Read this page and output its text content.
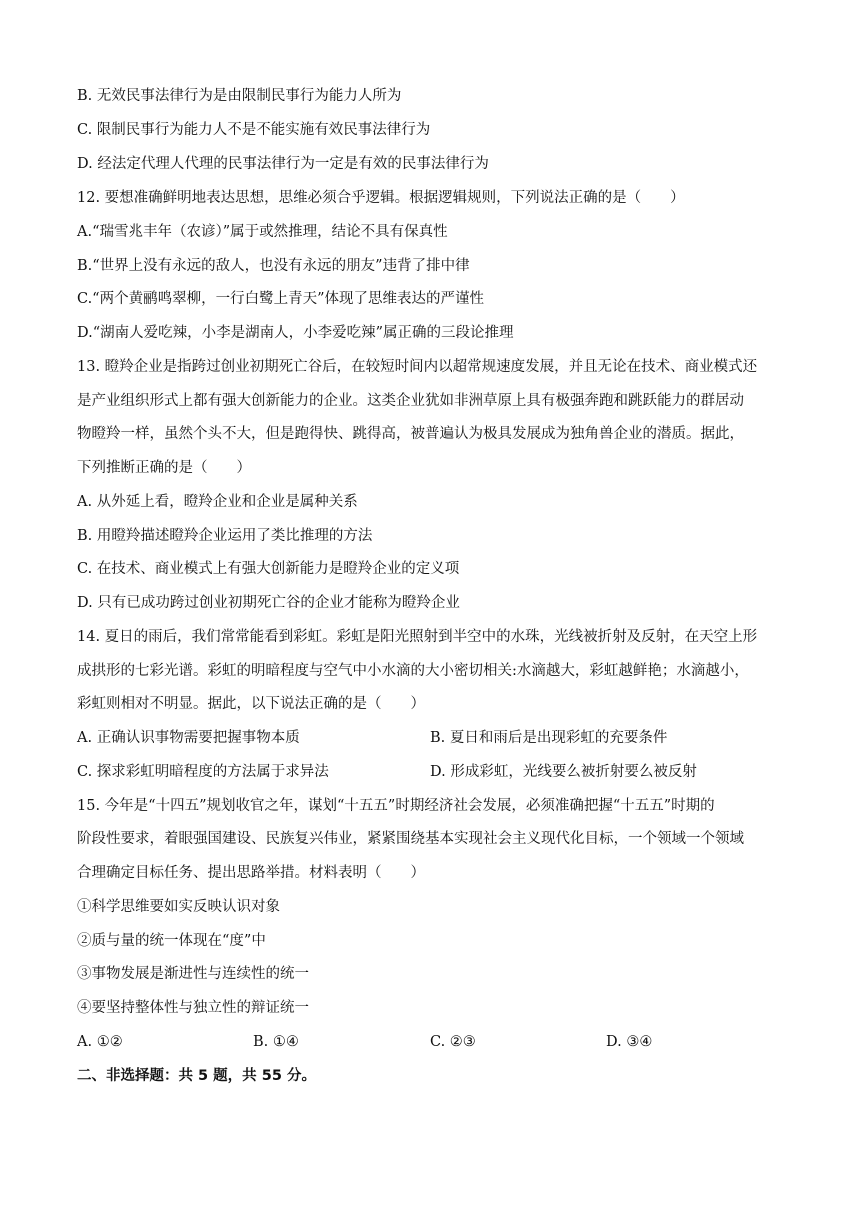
B. 无效民事法律行为是由限制民事行为能力人所为
C. 限制民事行为能力人不是不能实施有效民事法律行为
D. 经法定代理人代理的民事法律行为一定是有效的民事法律行为
12. 要想准确鲜明地表达思想，思维必须合乎逻辑。根据逻辑规则，下列说法正确的是（　　）
A.“瑞雪兆丰年（农谚）”属于或然推理，结论不具有保真性
B.“世界上没有永远的敌人，也没有永远的朋友”违背了排中律
C.“两个黄鹂鸣翠柳，一行白鹭上青天”体现了思维表达的严谨性
D.“湖南人爱吃辣，小李是湖南人，小李爱吃辣”属正确的三段论推理
13. 瞪羚企业是指跨过创业初期死亡谷后，在较短时间内以超常规速度发展，并且无论在技术、商业模式还
是产业组织形式上都有强大创新能力的企业。这类企业犹如非洲草原上具有极强奔跑和跳跃能力的群居动
物瞪羚一样，虽然个头不大，但是跑得快、跳得高，被普遍认为极具发展成为独角兽企业的潜质。据此，
下列推断正确的是（　　）
A. 从外延上看，瞪羚企业和企业是属种关系
B. 用瞪羚描述瞪羚企业运用了类比推理的方法
C. 在技术、商业模式上有强大创新能力是瞪羚企业的定义项
D. 只有已成功跨过创业初期死亡谷的企业才能称为瞪羚企业
14. 夏日的雨后，我们常常能看到彩虹。彩虹是阳光照射到半空中的水珠，光线被折射及反射，在天空上形
成拱形的七彩光谱。彩虹的明暗程度与空气中小水滴的大小密切相关:水滴越大，彩虹越鲜艳；水滴越小，
彩虹则相对不明显。据此，以下说法正确的是（　　）
A. 正确认识事物需要把握事物本质	B. 夏日和雨后是出现彩虹的充要条件
C. 探求彩虹明暗程度的方法属于求异法	D. 形成彩虹，光线要么被折射要么被反射
15. 今年是“十四五”规划收官之年，谋划“十五五”时期经济社会发展，必须准确把握“十五五”时期的
阶段性要求，着眼强国建设、民族复兴伟业，紧紧围绕基本实现社会主义现代化目标，一个领域一个领域
合理确定目标任务、提出思路举措。材料表明（　　）
①科学思维要如实反映认识对象
②质与量的统一体现在“度”中
③事物发展是渐进性与连续性的统一
④要坚持整体性与独立性的辩证统一
A. ①②	B. ①④	C. ②③	D. ③④
二、非选择题：共 5 题，共 55 分。
